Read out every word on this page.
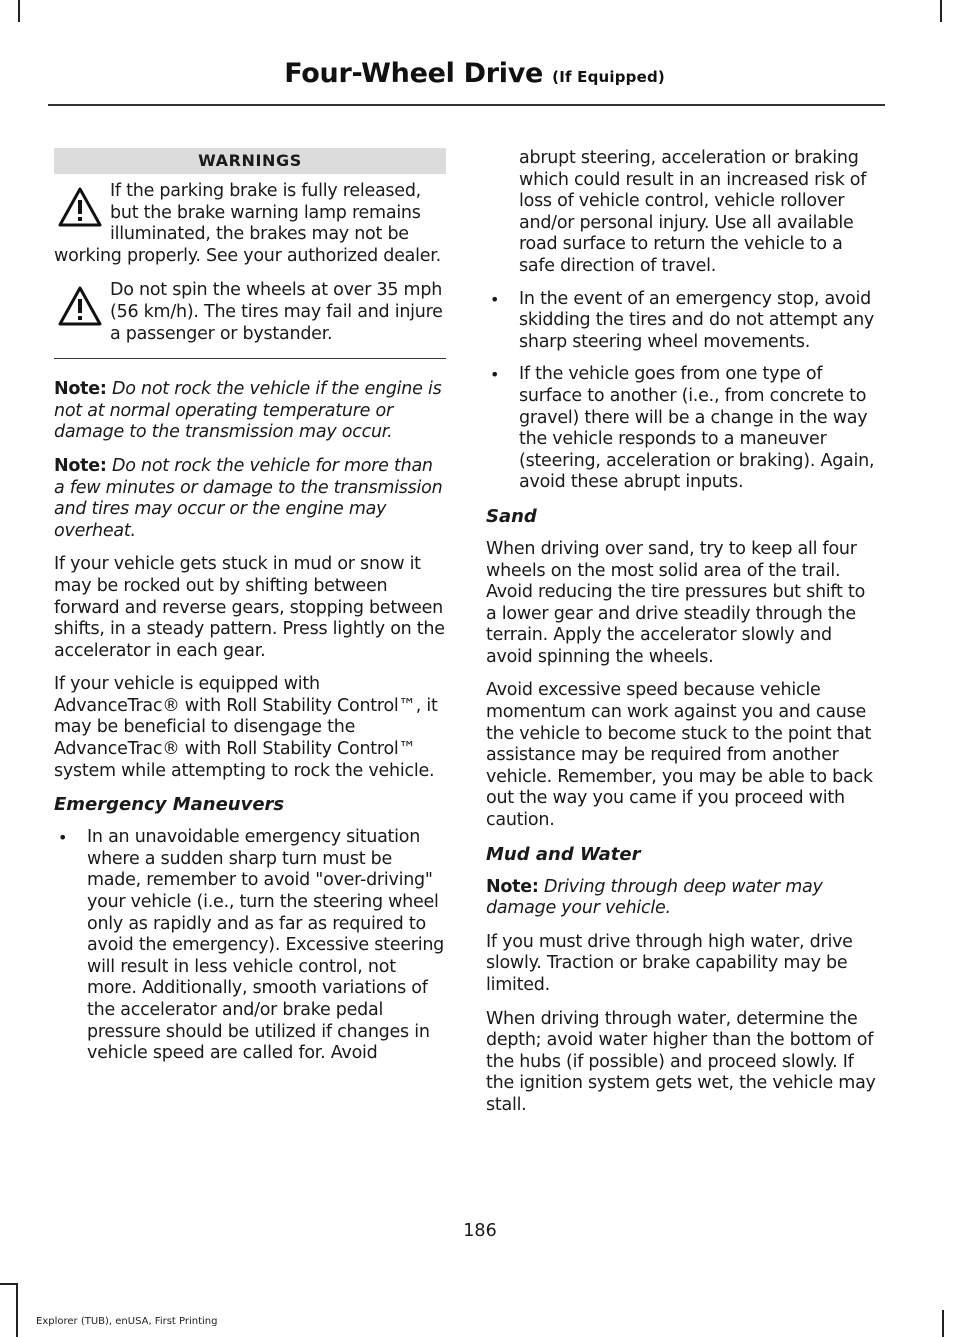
Four-Wheel Drive (If Equipped)
WARNINGS

If the parking brake is fully released, but the brake warning lamp remains illuminated, the brakes may not be working properly. See your authorized dealer.

Do not spin the wheels at over 35 mph (56 km/h). The tires may fail and injure a passenger or bystander.

Note: Do not rock the vehicle if the engine is not at normal operating temperature or damage to the transmission may occur.

Note: Do not rock the vehicle for more than a few minutes or damage to the transmission and tires may occur or the engine may overheat.

If your vehicle gets stuck in mud or snow it may be rocked out by shifting between forward and reverse gears, stopping between shifts, in a steady pattern. Press lightly on the accelerator in each gear.

If your vehicle is equipped with AdvanceTrac® with Roll Stability Control™, it may be beneficial to disengage the AdvanceTrac® with Roll Stability Control™ system while attempting to rock the vehicle.

Emergency Maneuvers
• In an unavoidable emergency situation where a sudden sharp turn must be made, remember to avoid "over-driving" your vehicle (i.e., turn the steering wheel only as rapidly and as far as required to avoid the emergency). Excessive steering will result in less vehicle control, not more. Additionally, smooth variations of the accelerator and/or brake pedal pressure should be utilized if changes in vehicle speed are called for. Avoid

abrupt steering, acceleration or braking which could result in an increased risk of loss of vehicle control, vehicle rollover and/or personal injury. Use all available road surface to return the vehicle to a safe direction of travel.

• In the event of an emergency stop, avoid skidding the tires and do not attempt any sharp steering wheel movements.
• If the vehicle goes from one type of surface to another (i.e., from concrete to gravel) there will be a change in the way the vehicle responds to a maneuver (steering, acceleration or braking). Again, avoid these abrupt inputs.
Sand

When driving over sand, try to keep all four wheels on the most solid area of the trail. Avoid reducing the tire pressures but shift to a lower gear and drive steadily through the terrain. Apply the accelerator slowly and avoid spinning the wheels.

Avoid excessive speed because vehicle momentum can work against you and cause the vehicle to become stuck to the point that assistance may be required from another vehicle. Remember, you may be able to back out the way you came if you proceed with caution.

Mud and Water

Note: Driving through deep water may damage your vehicle.

If you must drive through high water, drive slowly. Traction or brake capability may be limited.

When driving through water, determine the depth; avoid water higher than the bottom of the hubs (if possible) and proceed slowly. If the ignition system gets wet, the vehicle may stall.

186
Explorer (TUB), enUSA, First Printing
